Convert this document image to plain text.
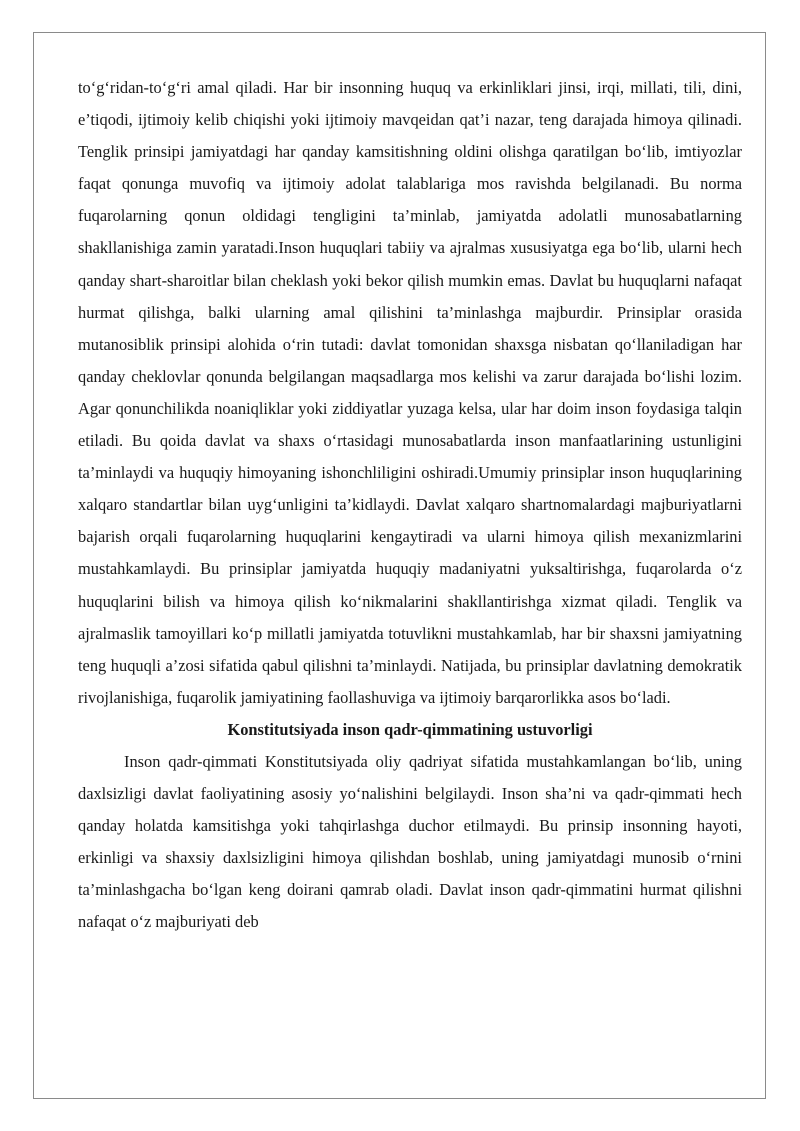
to‘g‘ridan-to‘g‘ri amal qiladi. Har bir insonning huquq va erkinliklari jinsi, irqi, millati, tili, dini, e’tiqodi, ijtimoiy kelib chiqishi yoki ijtimoiy mavqeidan qat’i nazar, teng darajada himoya qilinadi. Tenglik prinsipi jamiyatdagi har qanday kamsitishning oldini olishga qaratilgan bo‘lib, imtiyozlar faqat qonunga muvofiq va ijtimoiy adolat talablariga mos ravishda belgilanadi. Bu norma fuqarolarning qonun oldidagi tengligini ta’minlab, jamiyatda adolatli munosabatlarning shakllanishiga zamin yaratadi.Inson huquqlari tabiiy va ajralmas xususiyatga ega bo‘lib, ularni hech qanday shart-sharoitlar bilan cheklash yoki bekor qilish mumkin emas. Davlat bu huquqlarni nafaqat hurmat qilishga, balki ularning amal qilishini ta’minlashga majburdir. Prinsiplar orasida mutanosiblik prinsipi alohida o‘rin tutadi: davlat tomonidan shaxsga nisbatan qo‘llaniladigan har qanday cheklovlar qonunda belgilangan maqsadlarga mos kelishi va zarur darajada bo‘lishi lozim. Agar qonunchilikda noaniqliklar yoki ziddiyatlar yuzaga kelsa, ular har doim inson foydasiga talqin etiladi. Bu qoida davlat va shaxs o‘rtasidagi munosabatlarda inson manfaatlarining ustunligini ta’minlaydi va huquqiy himoyaning ishonchliligini oshiradi.Umumiy prinsiplar inson huquqlarining xalqaro standartlar bilan uyg‘unligini ta’kidlaydi. Davlat xalqaro shartnomalardagi majburiyatlarni bajarish orqali fuqarolarning huquqlarini kengaytiradi va ularni himoya qilish mexanizmlarini mustahkamlaydi. Bu prinsiplar jamiyatda huquqiy madaniyatni yuksaltirishga, fuqarolarda o‘z huquqlarini bilish va himoya qilish ko‘nikmalarini shakllantirishga xizmat qiladi. Tenglik va ajralmaslik tamoyillari ko‘p millatli jamiyatda totuvlikni mustahkamlab, har bir shaxsni jamiyatning teng huquqli a’zosi sifatida qabul qilishni ta’minlaydi. Natijada, bu prinsiplar davlatning demokratik rivojlanishiga, fuqarolik jamiyatining faollashuviga va ijtimoiy barqarorlikka asos bo‘ladi.

Konstitutsiyada inson qadr-qimmatining ustuvorligi

Inson qadr-qimmati Konstitutsiyada oliy qadriyat sifatida mustahkamlangan bo‘lib, uning daxlsizligi davlat faoliyatining asosiy yo‘nalishini belgilaydi. Inson sha’ni va qadr-qimmati hech qanday holatda kamsitishga yoki tahqirlashga duchor etilmaydi. Bu prinsip insonning hayoti, erkinligi va shaxsiy daxlsizligini himoya qilishdan boshlab, uning jamiyatdagi munosib o‘rnini ta’minlashgacha bo‘lgan keng doirani qamrab oladi. Davlat inson qadr-qimmatini hurmat qilishni nafaqat o‘z majburiyati deb
